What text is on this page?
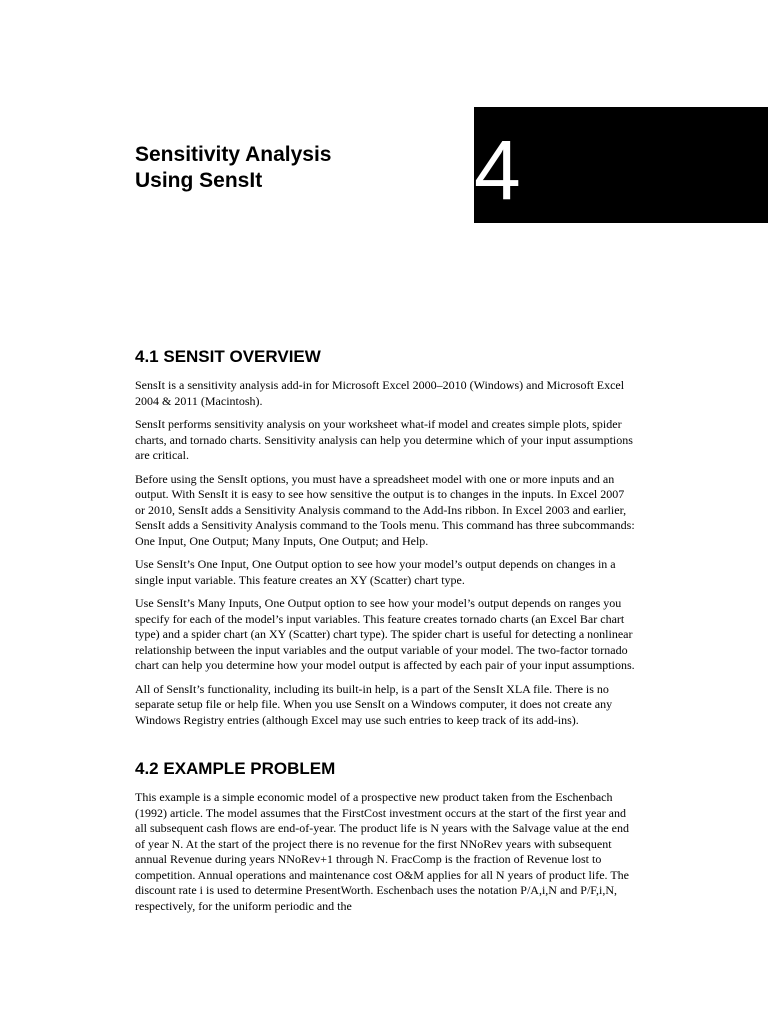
4
Sensitivity Analysis
Using SensIt
4.1 SENSIT OVERVIEW

SensIt is a sensitivity analysis add-in for Microsoft Excel 2000–2010 (Windows) and Microsoft Excel 2004 & 2011 (Macintosh).

SensIt performs sensitivity analysis on your worksheet what-if model and creates simple plots, spider charts, and tornado charts. Sensitivity analysis can help you determine which of your input assumptions are critical.

Before using the SensIt options, you must have a spreadsheet model with one or more inputs and an output. With SensIt it is easy to see how sensitive the output is to changes in the inputs. In Excel 2007 or 2010, SensIt adds a Sensitivity Analysis command to the Add-Ins ribbon. In Excel 2003 and earlier, SensIt adds a Sensitivity Analysis command to the Tools menu. This command has three subcommands: One Input, One Output; Many Inputs, One Output; and Help.

Use SensIt’s One Input, One Output option to see how your model’s output depends on changes in a single input variable. This feature creates an XY (Scatter) chart type.

Use SensIt’s Many Inputs, One Output option to see how your model’s output depends on ranges you specify for each of the model’s input variables. This feature creates tornado charts (an Excel Bar chart type) and a spider chart (an XY (Scatter) chart type). The spider chart is useful for detecting a nonlinear relationship between the input variables and the output variable of your model. The two-factor tornado chart can help you determine how your model output is affected by each pair of your input assumptions.

All of SensIt’s functionality, including its built-in help, is a part of the SensIt XLA file. There is no separate setup file or help file. When you use SensIt on a Windows computer, it does not create any Windows Registry entries (although Excel may use such entries to keep track of its add-ins).

4.2 EXAMPLE PROBLEM

This example is a simple economic model of a prospective new product taken from the Eschenbach (1992) article. The model assumes that the FirstCost investment occurs at the start of the first year and all subsequent cash flows are end-of-year. The product life is N years with the Salvage value at the end of year N. At the start of the project there is no revenue for the first NNoRev years with subsequent annual Revenue during years NNoRev+1 through N. FracComp is the fraction of Revenue lost to competition. Annual operations and maintenance cost O&M applies for all N years of product life. The discount rate i is used to determine PresentWorth. Eschenbach uses the notation P/A,i,N and P/F,i,N, respectively, for the uniform periodic and the
